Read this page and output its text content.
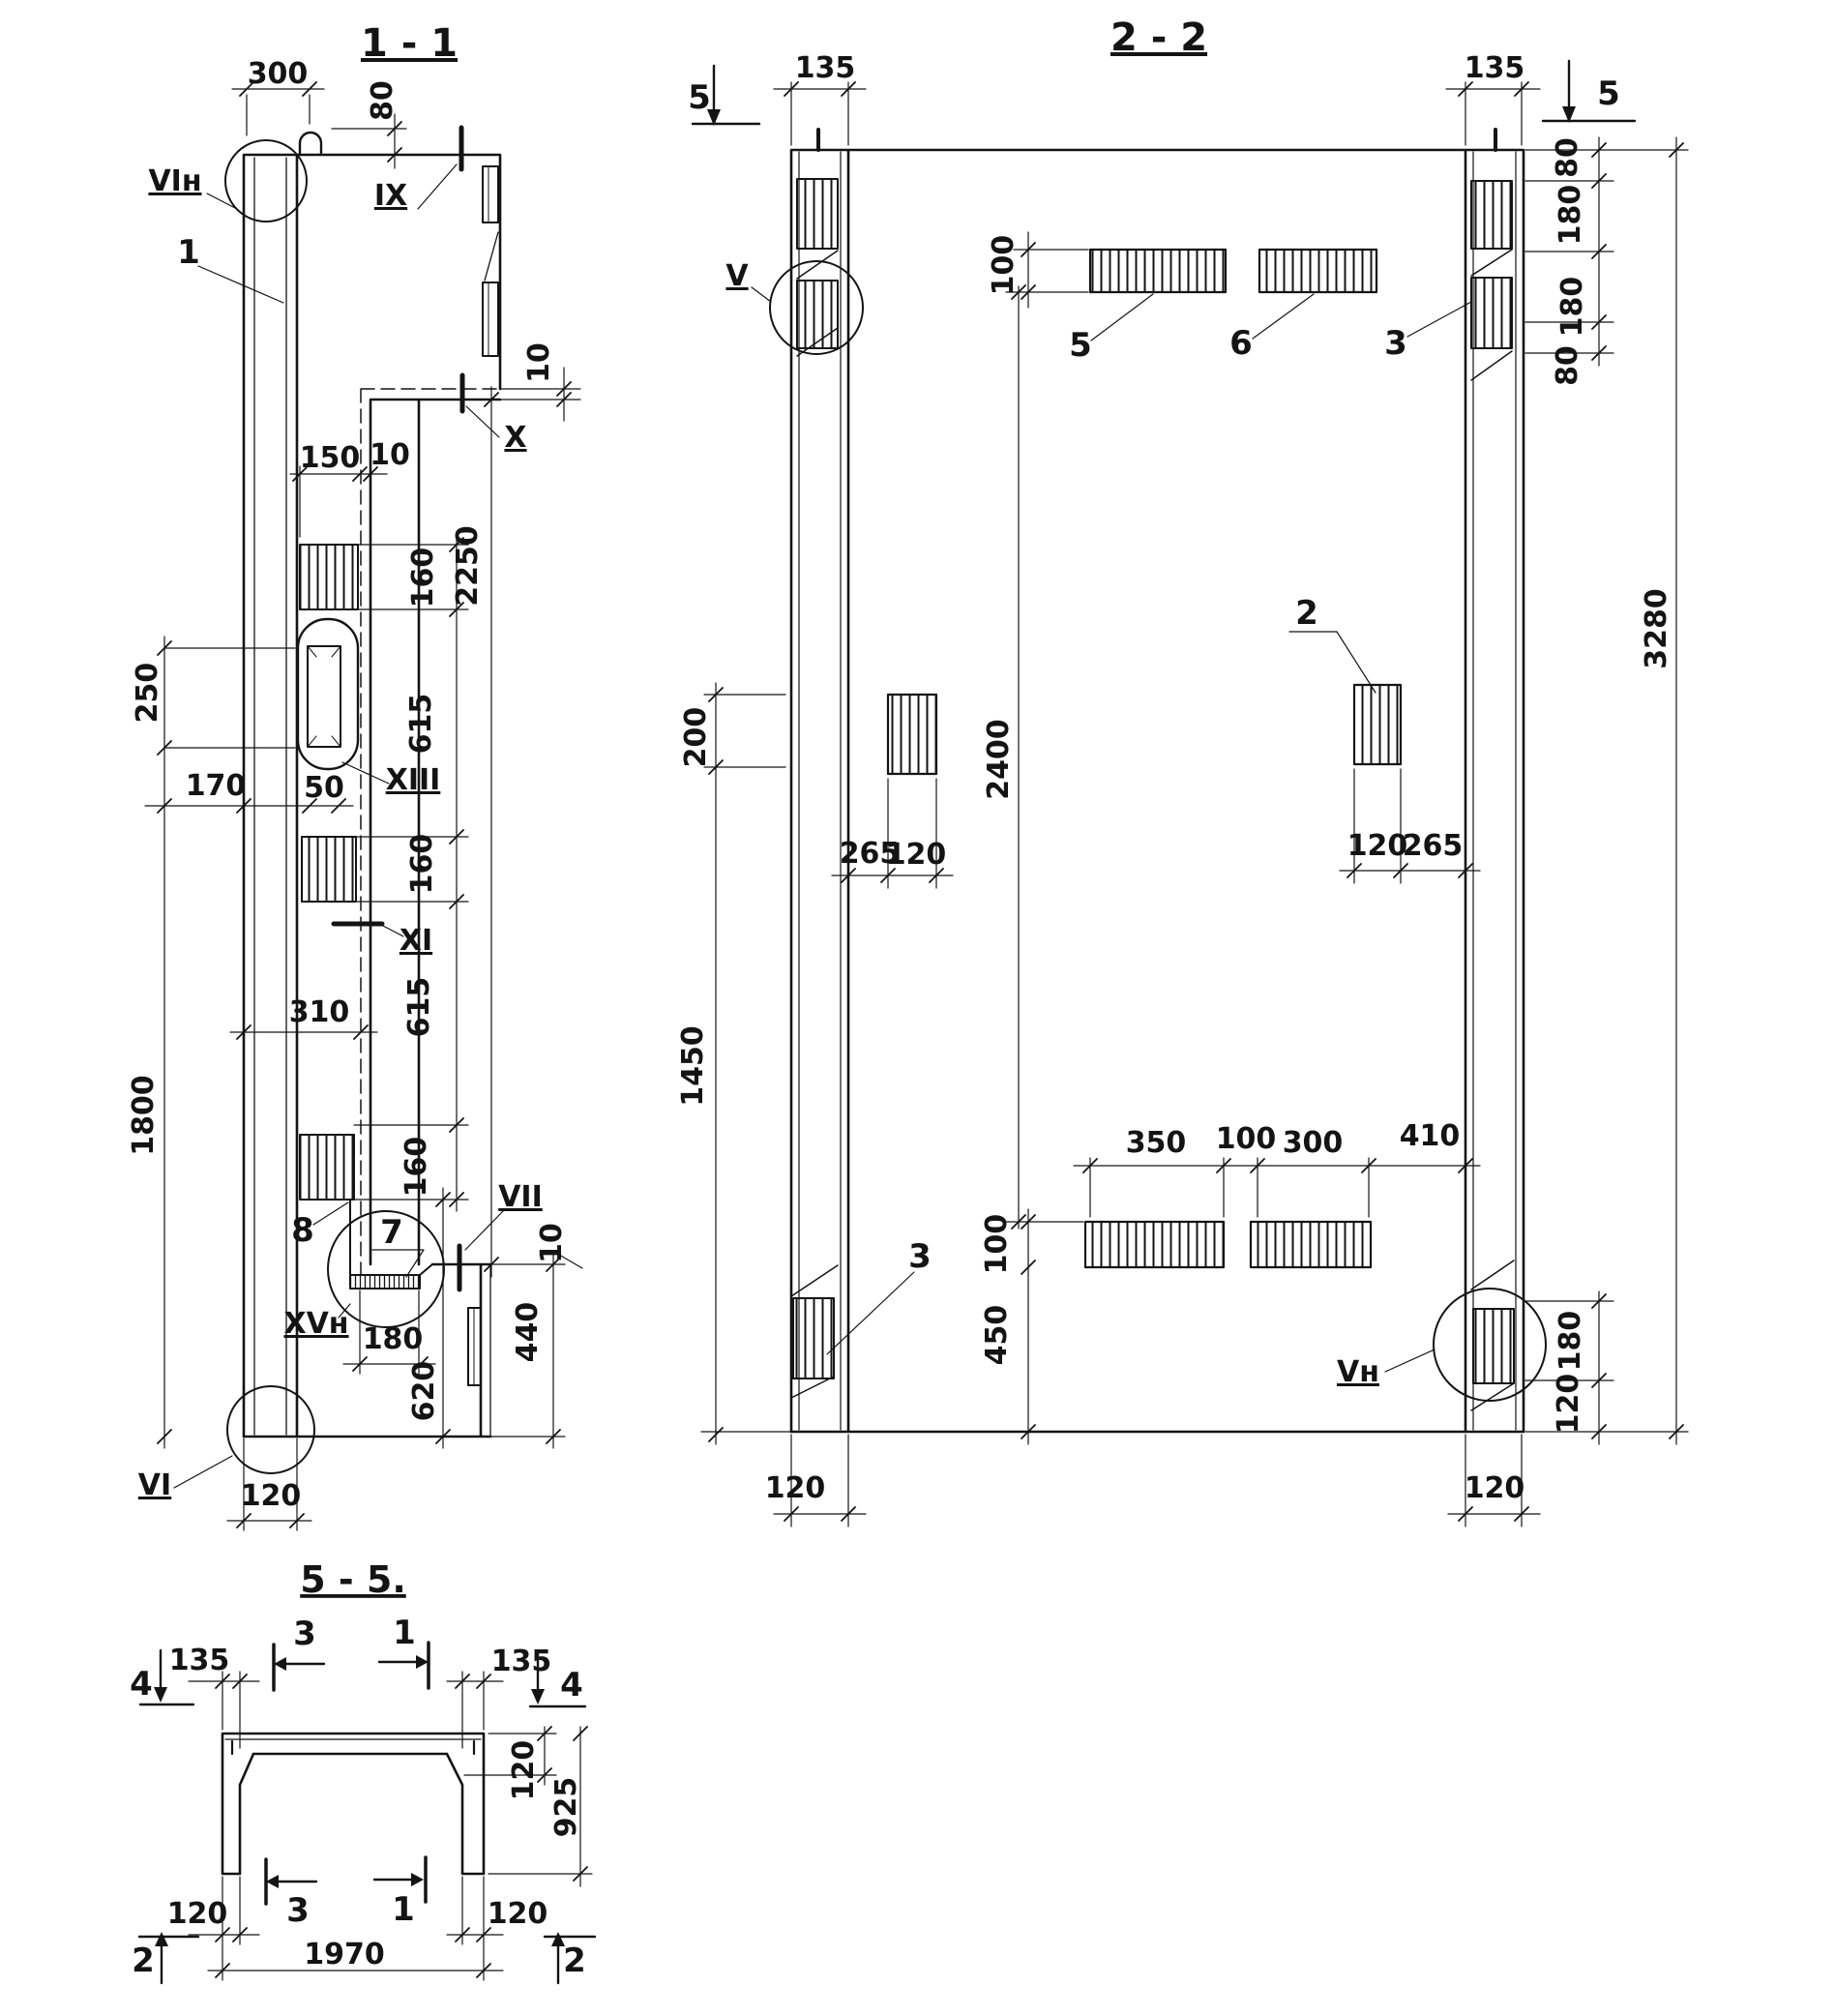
1 - 1
300
80
VIн	IX
1
150 10
X
10
160
615
XIII
250
170 50
160
XI
615
310
1800
160
8 7
VII
XVн 180
10
620
440
2250
VI 120
2 - 2
5
135	135
5
100
5	6	3
V
80
180
180
80
2
2400
200
265
120	120
265
1450
3 100
450
350 100 300 410
Vн
180
120
3280
120	120
5 - 5.
4
135
3 1
135
4
120
925
120 3	1 120
1970
2	2
